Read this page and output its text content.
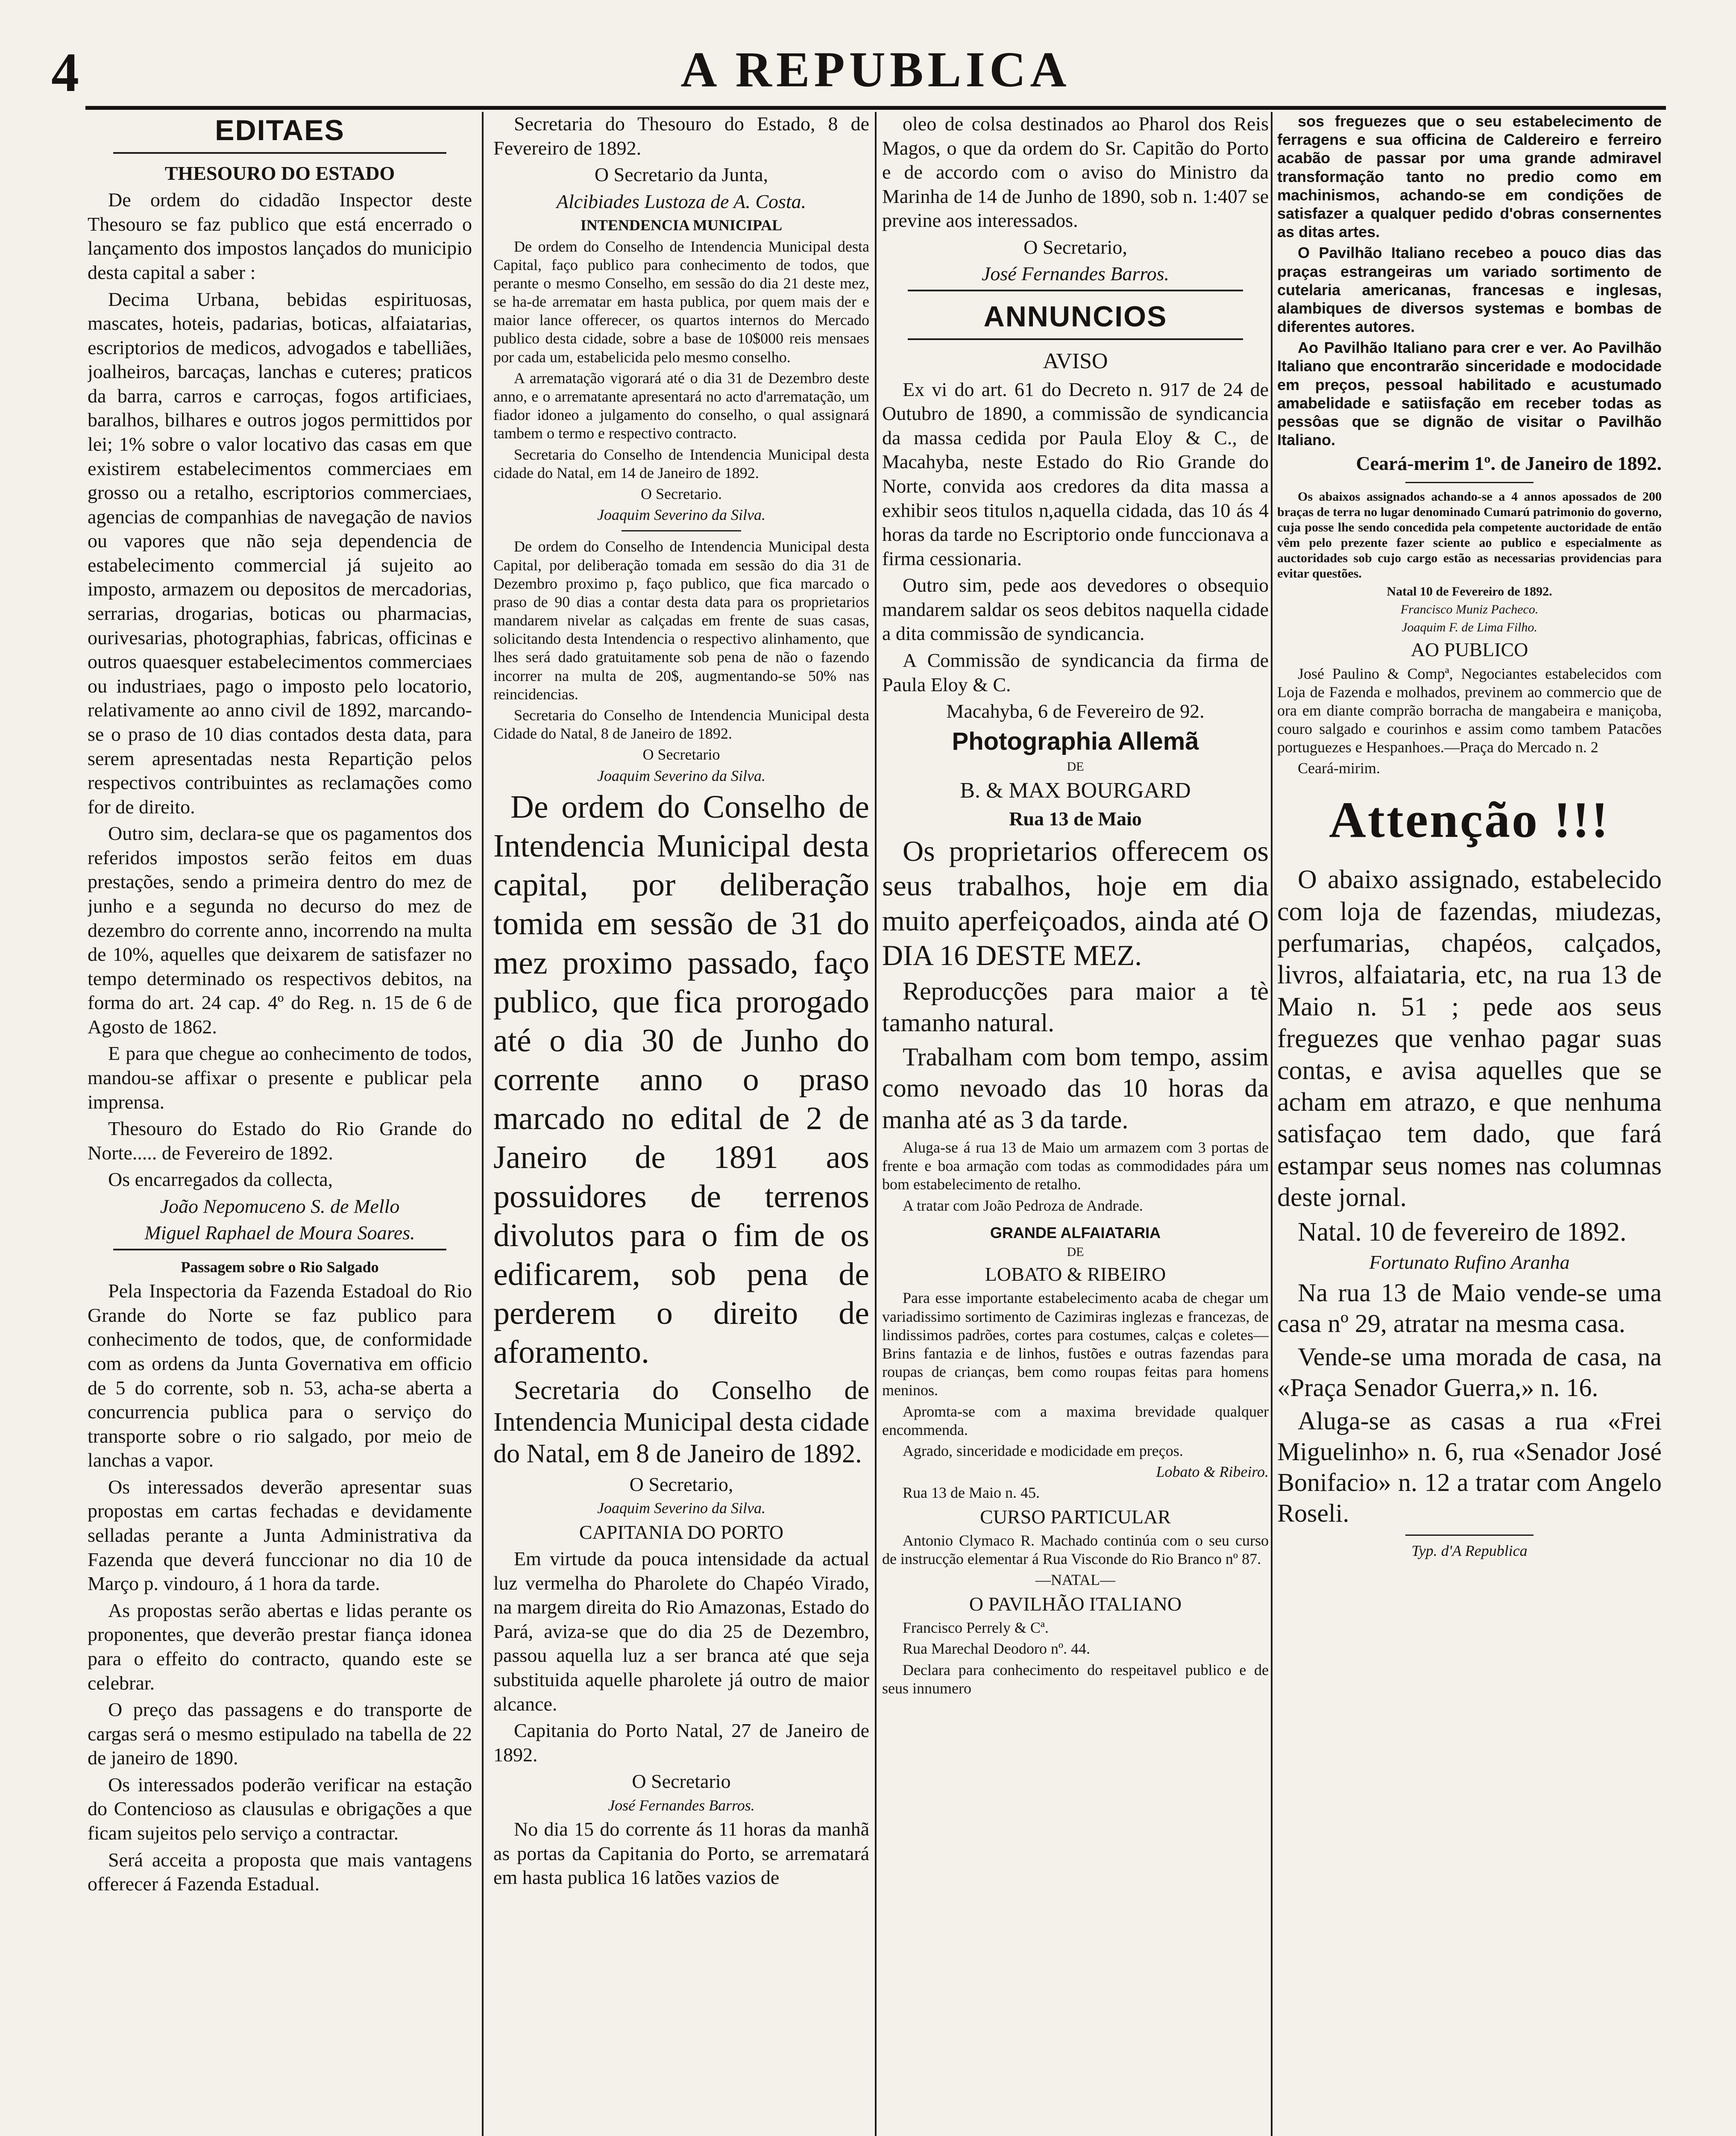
4	A REPUBLICA
EDITAES

THESOURO DO ESTADO

De ordem do cidadão Inspector deste Thesouro se faz publico que está encerrado o lançamento dos impostos lançados do municipio desta capital a saber :

Decima Urbana, bebidas espirituosas, mascates, hoteis, padarias, boticas, alfaiatarias, escriptorios de medicos, advogados e tabelliães, joalheiros, barcaças, lanchas e cuteres; praticos da barra, carros e carroças, fogos artificiaes, baralhos, bilhares e outros jogos permittidos por lei; 1% sobre o valor locativo das casas em que existirem estabelecimentos commerciaes em grosso ou a retalho, escriptorios commerciaes, agencias de companhias de navegação de navios ou vapores que não seja dependencia de estabelecimento commercial já sujeito ao imposto, armazem ou depositos de mercadorias, serrarias, drogarias, boticas ou pharmacias, ourivesarias, photographias, fabricas, officinas e outros quaesquer estabelecimentos commerciaes ou industriaes, pago o imposto pelo locatorio, relativamente ao anno civil de 1892, marcando-se o praso de 10 dias contados desta data, para serem apresentadas nesta Repartição pelos respectivos contribuintes as reclamações como for de direito.

Outro sim, declara-se que os pagamentos dos referidos impostos serão feitos em duas prestações, sendo a primeira dentro do mez de junho e a segunda no decurso do mez de dezembro do corrente anno, incorrendo na multa de 10%, aquelles que deixarem de satisfazer no tempo determinado os respectivos debitos, na forma do art. 24 cap. 4º do Reg. n. 15 de 6 de Agosto de 1862.

E para que chegue ao conhecimento de todos, mandou-se affixar o presente e publicar pela imprensa.

Thesouro do Estado do Rio Grande do Norte..... de Fevereiro de 1892.

Os encarregados da collecta,

João Nepomuceno S. de Mello

Miguel Raphael de Moura Soares.

Passagem sobre o Rio Salgado

Pela Inspectoria da Fazenda Estadoal do Rio Grande do Norte se faz publico para conhecimento de todos, que, de conformidade com as ordens da Junta Governativa em officio de 5 do corrente, sob n. 53, acha-se aberta a concurrencia publica para o serviço do transporte sobre o rio salgado, por meio de lanchas a vapor.

Os interessados deverão apresentar suas propostas em cartas fechadas e devidamente selladas perante a Junta Administrativa da Fazenda que deverá funccionar no dia 10 de Março p. vindouro, á 1 hora da tarde.

As propostas serão abertas e lidas perante os proponentes, que deverão prestar fiança idonea para o effeito do contracto, quando este se celebrar.

O preço das passagens e do transporte de cargas será o mesmo estipulado na tabella de 22 de janeiro de 1890.

Os interessados poderão verificar na estação do Contencioso as clausulas e obrigações a que ficam sujeitos pelo serviço a contractar.

Será acceita a proposta que mais vantagens offerecer á Fazenda Estadual.

Secretaria do Thesouro do Estado, 8 de Fevereiro de 1892.

O Secretario da Junta,

Alcibiades Lustoza de A. Costa.

INTENDENCIA MUNICIPAL

De ordem do Conselho de Intendencia Municipal desta Capital, faço publico para conhecimento de todos, que perante o mesmo Conselho, em sessão do dia 21 deste mez, se ha-de arrematar em hasta publica, por quem mais der e maior lance offerecer, os quartos internos do Mercado publico desta cidade, sobre a base de 10$000 reis mensaes por cada um, estabelicida pelo mesmo conselho.

A arrematação vigorará até o dia 31 de Dezembro deste anno, e o arrematante apresentará no acto d'arrematação, um fiador idoneo a julgamento do conselho, o qual assignará tambem o termo e respectivo contracto.

Secretaria do Conselho de Intendencia Municipal desta cidade do Natal, em 14 de Janeiro de 1892.

O Secretario.

Joaquim Severino da Silva.

De ordem do Conselho de Intendencia Municipal desta Capital, por deliberação tomada em sessão do dia 31 de Dezembro proximo p, faço publico, que fica marcado o praso de 90 dias a contar desta data para os proprietarios mandarem nivelar as calçadas em frente de suas casas, solicitando desta Intendencia o respectivo alinhamento, que lhes será dado gratuitamente sob pena de não o fazendo incorrer na multa de 20$, augmentando-se 50% nas reincidencias.

Secretaria do Conselho de Intendencia Municipal desta Cidade do Natal, 8 de Janeiro de 1892.

O Secretario

Joaquim Severino da Silva.

De ordem do Conselho de Intendencia Municipal desta capital, por deliberação tomida em sessão de 31 do mez proximo passado, faço publico, que fica prorogado até o dia 30 de Junho do corrente anno o praso marcado no edital de 2 de Janeiro de 1891 aos possuidores de terrenos divolutos para o fim de os edificarem, sob pena de perderem o direito de aforamento.

Secretaria do Conselho de Intendencia Municipal desta cidade do Natal, em 8 de Janeiro de 1892.

O Secretario,

Joaquim Severino da Silva.

CAPITANIA DO PORTO

Em virtude da pouca intensidade da actual luz vermelha do Pharolete do Chapéo Virado, na margem direita do Rio Amazonas, Estado do Pará, aviza-se que do dia 25 de Dezembro, passou aquella luz a ser branca até que seja substituida aquelle pharolete já outro de maior alcance.

Capitania do Porto Natal, 27 de Janeiro de 1892.

O Secretario

José Fernandes Barros.

No dia 15 do corrente ás 11 horas da manhã as portas da Capitania do Porto, se arrematará em hasta publica 16 latões vazios de

oleo de colsa destinados ao Pharol dos Reis Magos, o que da ordem do Sr. Capitão do Porto e de accordo com o aviso do Ministro da Marinha de 14 de Junho de 1890, sob n. 1:407 se previne aos interessados.

O Secretario,

José Fernandes Barros.

ANNUNCIOS

AVISO

Ex vi do art. 61 do Decreto n. 917 de 24 de Outubro de 1890, a commissão de syndicancia da massa cedida por Paula Eloy & C., de Macahyba, neste Estado do Rio Grande do Norte, convida aos credores da dita massa a exhibir seos titulos n,aquella cidada, das 10 ás 4 horas da tarde no Escriptorio onde funccionava a firma cessionaria.

Outro sim, pede aos devedores o obsequio mandarem saldar os seos debitos naquella cidade a dita commissão de syndicancia.

A Commissão de syndicancia da firma de Paula Eloy & C.

Macahyba, 6 de Fevereiro de 92.

Photographia Allemã

DE

B. & MAX BOURGARD

Rua 13 de Maio

Os proprietarios offerecem os seus trabalhos, hoje em dia muito aperfeiçoados, ainda até O DIA 16 DESTE MEZ.

Reproducções para maior a tè tamanho natural.

Trabalham com bom tempo, assim como nevoado das 10 horas da manha até as 3 da tarde.

Aluga-se á rua 13 de Maio um armazem com 3 portas de frente e boa armação com todas as commodidades pára um bom estabelecimento de retalho.

A tratar com João Pedroza de Andrade.

GRANDE ALFAIATARIA

DE

LOBATO & RIBEIRO

Para esse importante estabelecimento acaba de chegar um variadissimo sortimento de Cazimiras inglezas e francezas, de lindissimos padrões, cortes para costumes, calças e coletes—Brins fantazia e de linhos, fustões e outras fazendas para roupas de crianças, bem como roupas feitas para homens meninos.

Apromta-se com a maxima brevidade qualquer encommenda.

Agrado, sinceridade e modicidade em preços.

Lobato & Ribeiro.

Rua 13 de Maio n. 45.

CURSO PARTICULAR

Antonio Clymaco R. Machado continúa com o seu curso de instrucção elementar á Rua Visconde do Rio Branco nº 87.

—NATAL—

O PAVILHÃO ITALIANO

Francisco Perrely & Cª.

Rua Marechal Deodoro nº. 44.

Declara para conhecimento do respeitavel publico e de seus innumero

sos freguezes que o seu estabelecimento de ferragens e sua officina de Caldereiro e ferreiro acabão de passar por uma grande admiravel transformação tanto no predio como em machinismos, achando-se em condições de satisfazer a qualquer pedido d'obras consernentes as ditas artes.

O Pavilhão Italiano recebeo a pouco dias das praças estrangeiras um variado sortimento de cutelaria americanas, francesas e inglesas, alambiques de diversos systemas e bombas de diferentes autores.

Ao Pavilhão Italiano para crer e ver. Ao Pavilhão Italiano que encontrarão sinceridade e modocidade em preços, pessoal habilitado e acustumado amabelidade e satiisfação em receber todas as pessôas que se dignão de visitar o Pavilhão Italiano.

Ceará-merim 1º. de Janeiro de 1892.

Os abaixos assignados achando-se a 4 annos apossados de 200 braças de terra no lugar denominado Cumarú patrimonio do governo, cuja posse lhe sendo concedida pela competente auctoridade de então vêm pelo prezente fazer sciente ao publico e especialmente as auctoridades sob cujo cargo estão as necessarias providencias para evitar questões.

Natal 10 de Fevereiro de 1892.

Francisco Muniz Pacheco.

Joaquim F. de Lima Filho.

AO PUBLICO

José Paulino & Compª, Negociantes estabelecidos com Loja de Fazenda e molhados, previnem ao commercio que de ora em diante comprão borracha de mangabeira e maniçoba, couro salgado e courinhos e assim como tambem Patacões portuguezes e Hespanhoes.—Praça do Mercado n. 2

Ceará-mirim.

Attenção !!!

O abaixo assignado, estabelecido com loja de fazendas, miudezas, perfumarias, chapéos, calçados, livros, alfaiataria, etc, na rua 13 de Maio n. 51 ; pede aos seus freguezes que venhao pagar suas contas, e avisa aquelles que se acham em atrazo, e que nenhuma satisfaçao tem dado, que fará estampar seus nomes nas columnas deste jornal.

Natal. 10 de fevereiro de 1892.

Fortunato Rufino Aranha

Na rua 13 de Maio vende-se uma casa nº 29, atratar na mesma casa.

Vende-se uma morada de casa, na «Praça Senador Guerra,» n. 16.

Aluga-se as casas a rua «Frei Miguelinho» n. 6, rua «Senador José Bonifacio» n. 12 a tratar com Angelo Roseli.

Typ. d'A Republica
